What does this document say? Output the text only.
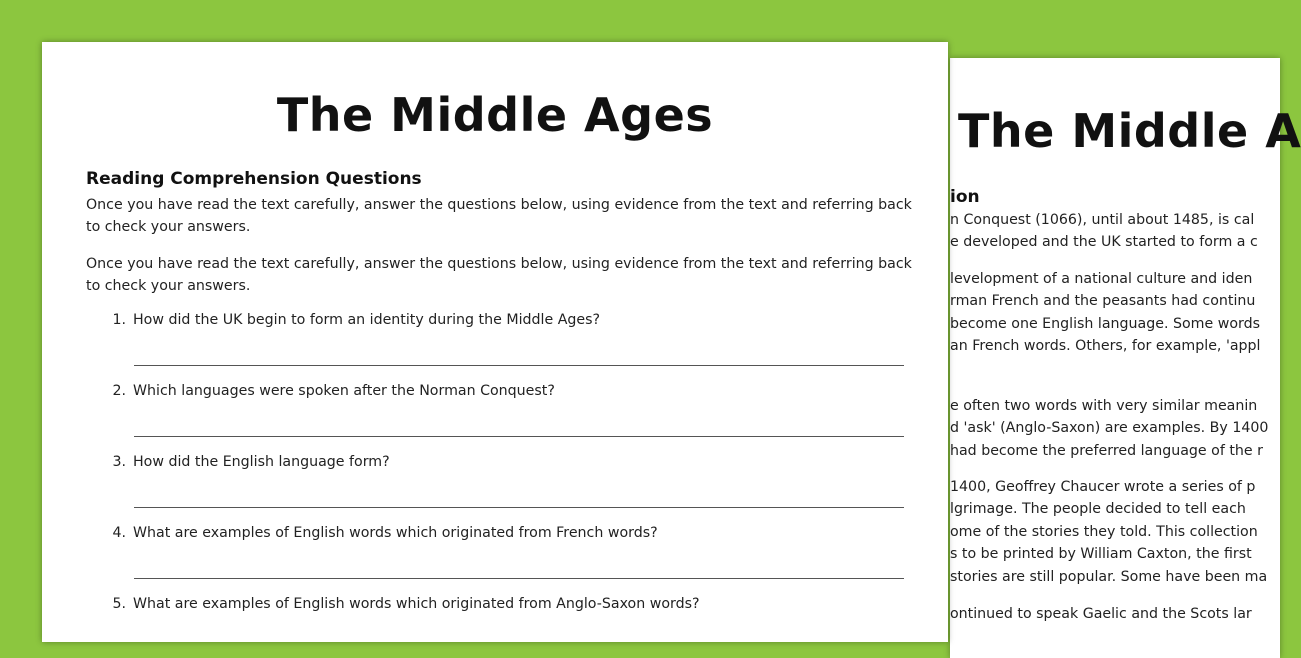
The Middle A
ion
n Conquest (1066), until about 1485, is cal
e developed and the UK started to form a c
levelopment of a national culture and iden
rman French and the peasants had continu
become one English language. Some words
an French words. Others, for example, 'appl
e often two words with very similar meanin
d 'ask' (Anglo-Saxon) are examples. By 1400
had become the preferred language of the r
1400, Geoffrey Chaucer wrote a series of p
lgrimage. The people decided to tell each
ome of the stories they told. This collection
s to be printed by William Caxton, the first
stories are still popular. Some have been ma
ontinued to speak Gaelic and the Scots lar
The Middle Ages
Reading Comprehension Questions

Once you have read the text carefully, answer the questions below, using evidence from the text and referring back to check your answers.

Once you have read the text carefully, answer the questions below, using evidence from the text and referring back to check your answers.

1. How did the UK begin to form an identity during the Middle Ages?
2. Which languages were spoken after the Norman Conquest?
3. How did the English language form?
4. What are examples of English words which originated from French words?
5. What are examples of English words which originated from Anglo-Saxon words?
